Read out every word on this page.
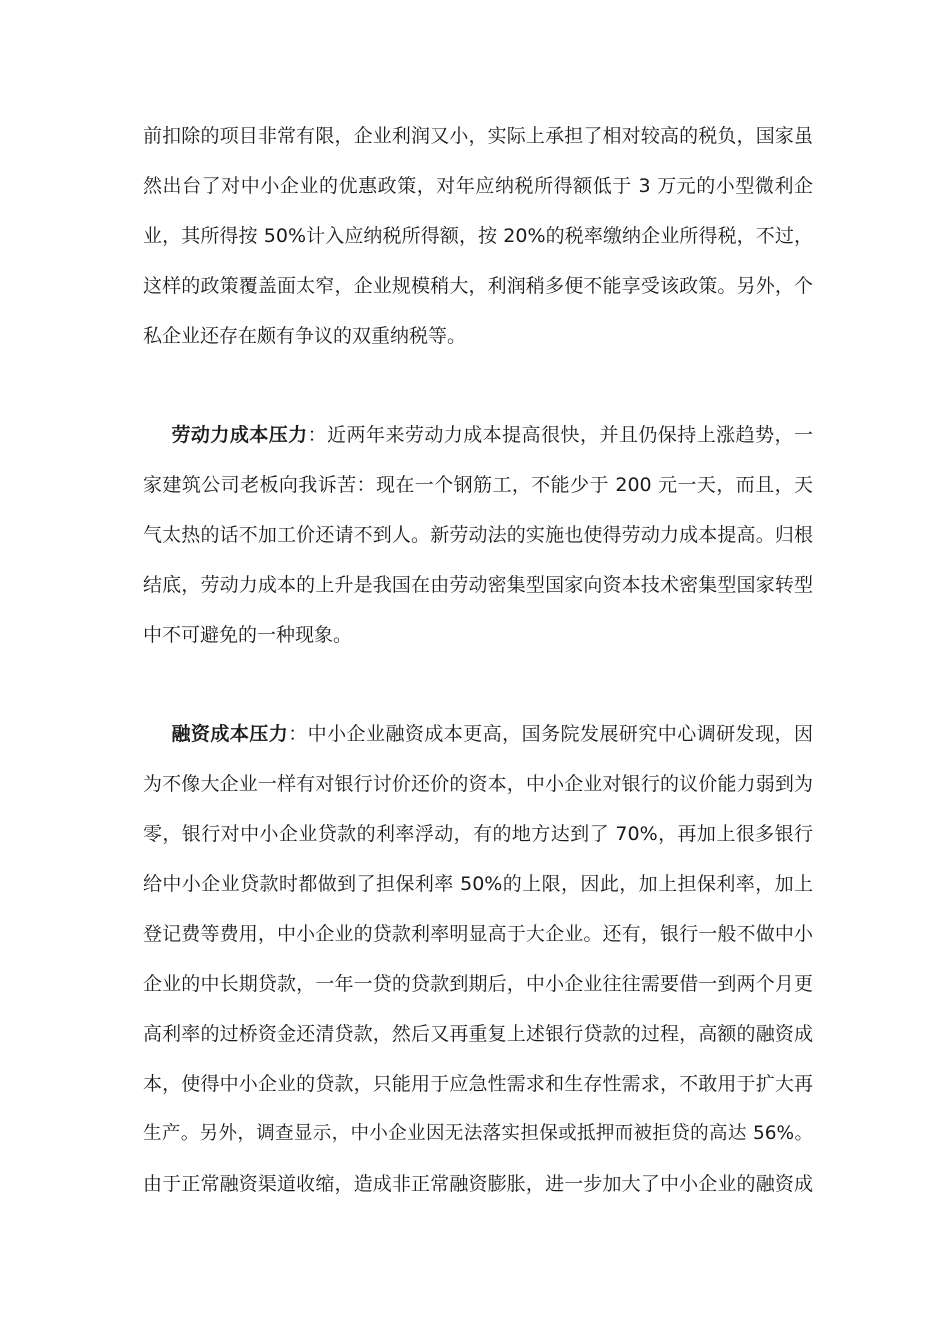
前扣除的项目非常有限，企业利润又小，实际上承担了相对较高的税负，国家虽
然出台了对中小企业的优惠政策，对年应纳税所得额低于 3 万元的小型微利企
业，其所得按 50%计入应纳税所得额，按 20%的税率缴纳企业所得税，不过，
这样的政策覆盖面太窄，企业规模稍大，利润稍多便不能享受该政策。另外，个
私企业还存在颇有争议的双重纳税等。
劳动力成本压力：近两年来劳动力成本提高很快，并且仍保持上涨趋势，一
家建筑公司老板向我诉苦：现在一个钢筋工，不能少于 200 元一天，而且，天
气太热的话不加工价还请不到人。新劳动法的实施也使得劳动力成本提高。归根
结底，劳动力成本的上升是我国在由劳动密集型国家向资本技术密集型国家转型
中不可避免的一种现象。
融资成本压力：中小企业融资成本更高，国务院发展研究中心调研发现，因
为不像大企业一样有对银行讨价还价的资本，中小企业对银行的议价能力弱到为
零，银行对中小企业贷款的利率浮动，有的地方达到了 70%，再加上很多银行
给中小企业贷款时都做到了担保利率 50%的上限，因此，加上担保利率，加上
登记费等费用，中小企业的贷款利率明显高于大企业。还有，银行一般不做中小
企业的中长期贷款，一年一贷的贷款到期后，中小企业往往需要借一到两个月更
高利率的过桥资金还清贷款，然后又再重复上述银行贷款的过程，高额的融资成
本，使得中小企业的贷款，只能用于应急性需求和生存性需求，不敢用于扩大再
生产。另外，调查显示，中小企业因无法落实担保或抵押而被拒贷的高达 56%。
由于正常融资渠道收缩，造成非正常融资膨胀，进一步加大了中小企业的融资成
